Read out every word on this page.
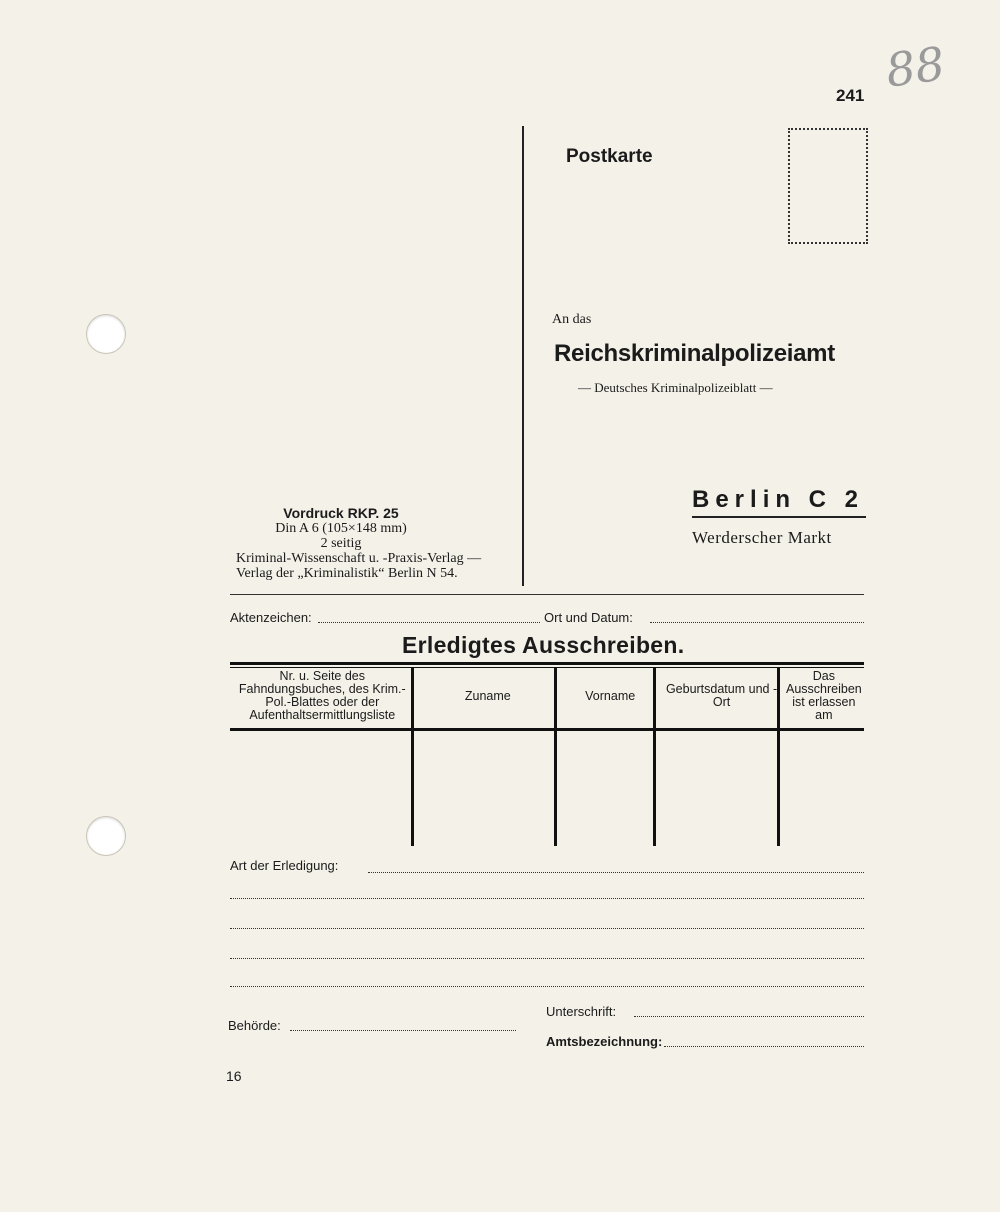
88
241
Postkarte
An das
Reichskriminalpolizeiamt
— Deutsches Kriminalpolizeiblatt —
Berlin C 2
Werderscher Markt
Vordruck RKP. 25
Din A 6 (105×148 mm)
2 seitig
Kriminal-Wissenschaft u. -Praxis-Verlag —
Verlag der „Kriminalistik“ Berlin N 54.
Aktenzeichen:	Ort und Datum:
Erledigtes Ausschreiben.
Nr. u. Seite des Fahndungsbuches, des Krim.-Pol.-Blattes oder der Aufenthaltsermittlungsliste	Zuname	Vorname	Geburtsdatum und -Ort	Das Ausschreiben ist erlassen am
Art der Erledigung:
Unterschrift:
Behörde:
Amtsbezeichnung:
16
